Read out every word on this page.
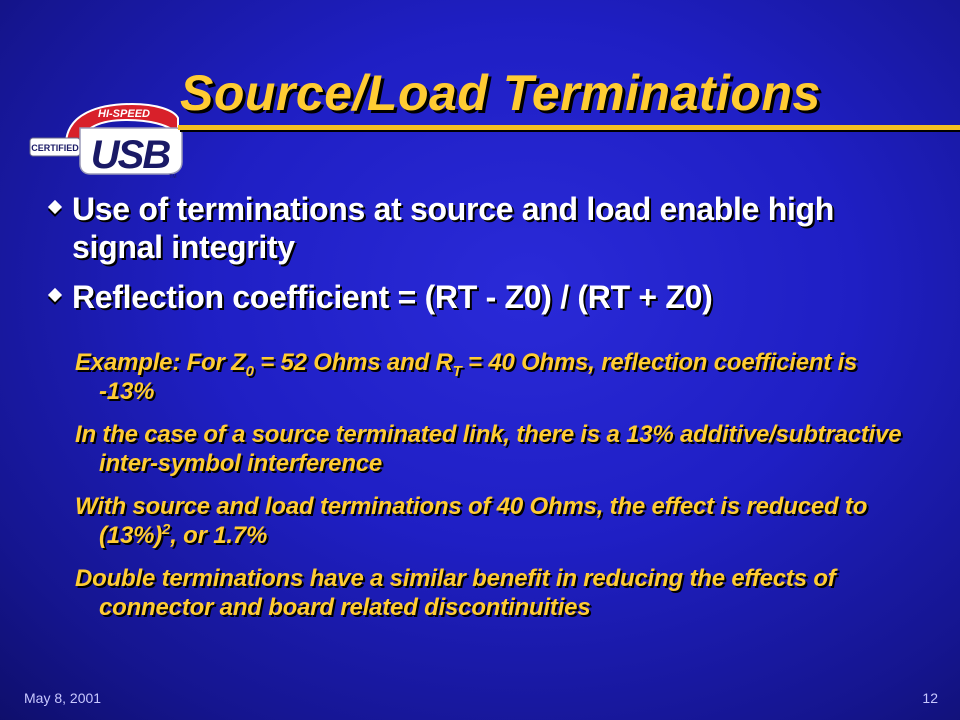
HI-SPEED
CERTIFIED USB TM
Source/Load Terminations
Use of terminations at source and load enable high signal integrity
Reflection coefficient = (RT - Z0) / (RT + Z0)
Example: For $Z_0 = 52$ Ohms and $R_T = 40$ Ohms, reflection coefficient is -13%
In the case of a source terminated link, there is a 13% additive/subtractive inter-symbol interference
With source and load terminations of 40 Ohms, the effect is reduced to $(13\%)^2$, or 1.7%
Double terminations have a similar benefit in reducing the effects of connector and board related discontinuities
May 8, 2001	12
